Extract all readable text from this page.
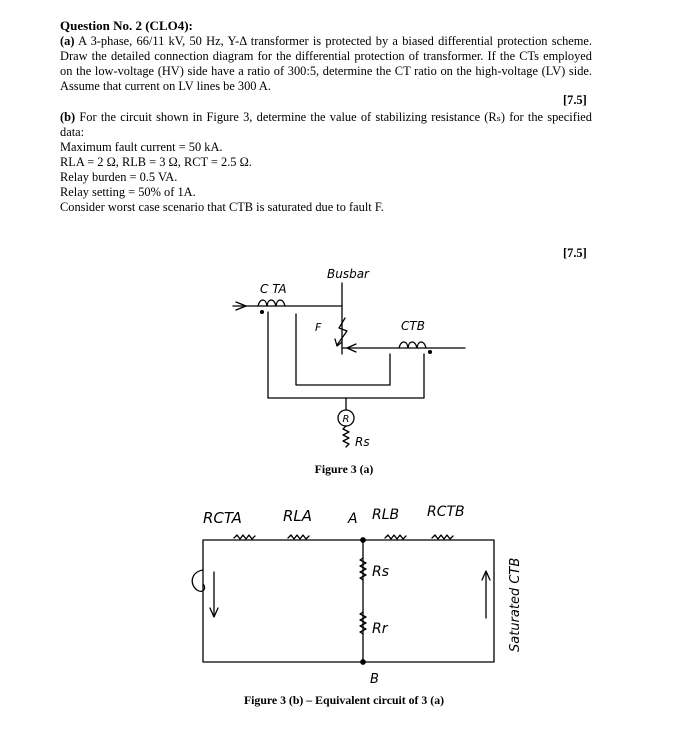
Question No. 2 (CLO4):

(a) A 3-phase, 66/11 kV, 50 Hz, Y-Δ transformer is protected by a biased differential protection scheme. Draw the detailed connection diagram for the differential protection of transformer. If the CTs employed on the low-voltage (HV) side have a ratio of 300:5, determine the CT ratio on the high-voltage (LV) side. Assume that current on LV lines be 300 A.

(b) For the circuit shown in Figure 3, determine the value of stabilizing resistance (Rₛ) for the specified data:

Maximum fault current = 50 kA.

RLA = 2 Ω, RLB = 3 Ω, RCT = 2.5 Ω.

Relay burden = 0.5 VA.

Relay setting = 50% of 1A.

Consider worst case scenario that CTB is saturated due to fault F.

[7.5]
[7.5]
Busbar
C TA
F	CTB
R
Rs
Figure 3 (a)
RCTA	RLA	A RLB RCTB
Rs
Rr
B
Saturated CTB
Figure 3 (b) – Equivalent circuit of 3 (a)
